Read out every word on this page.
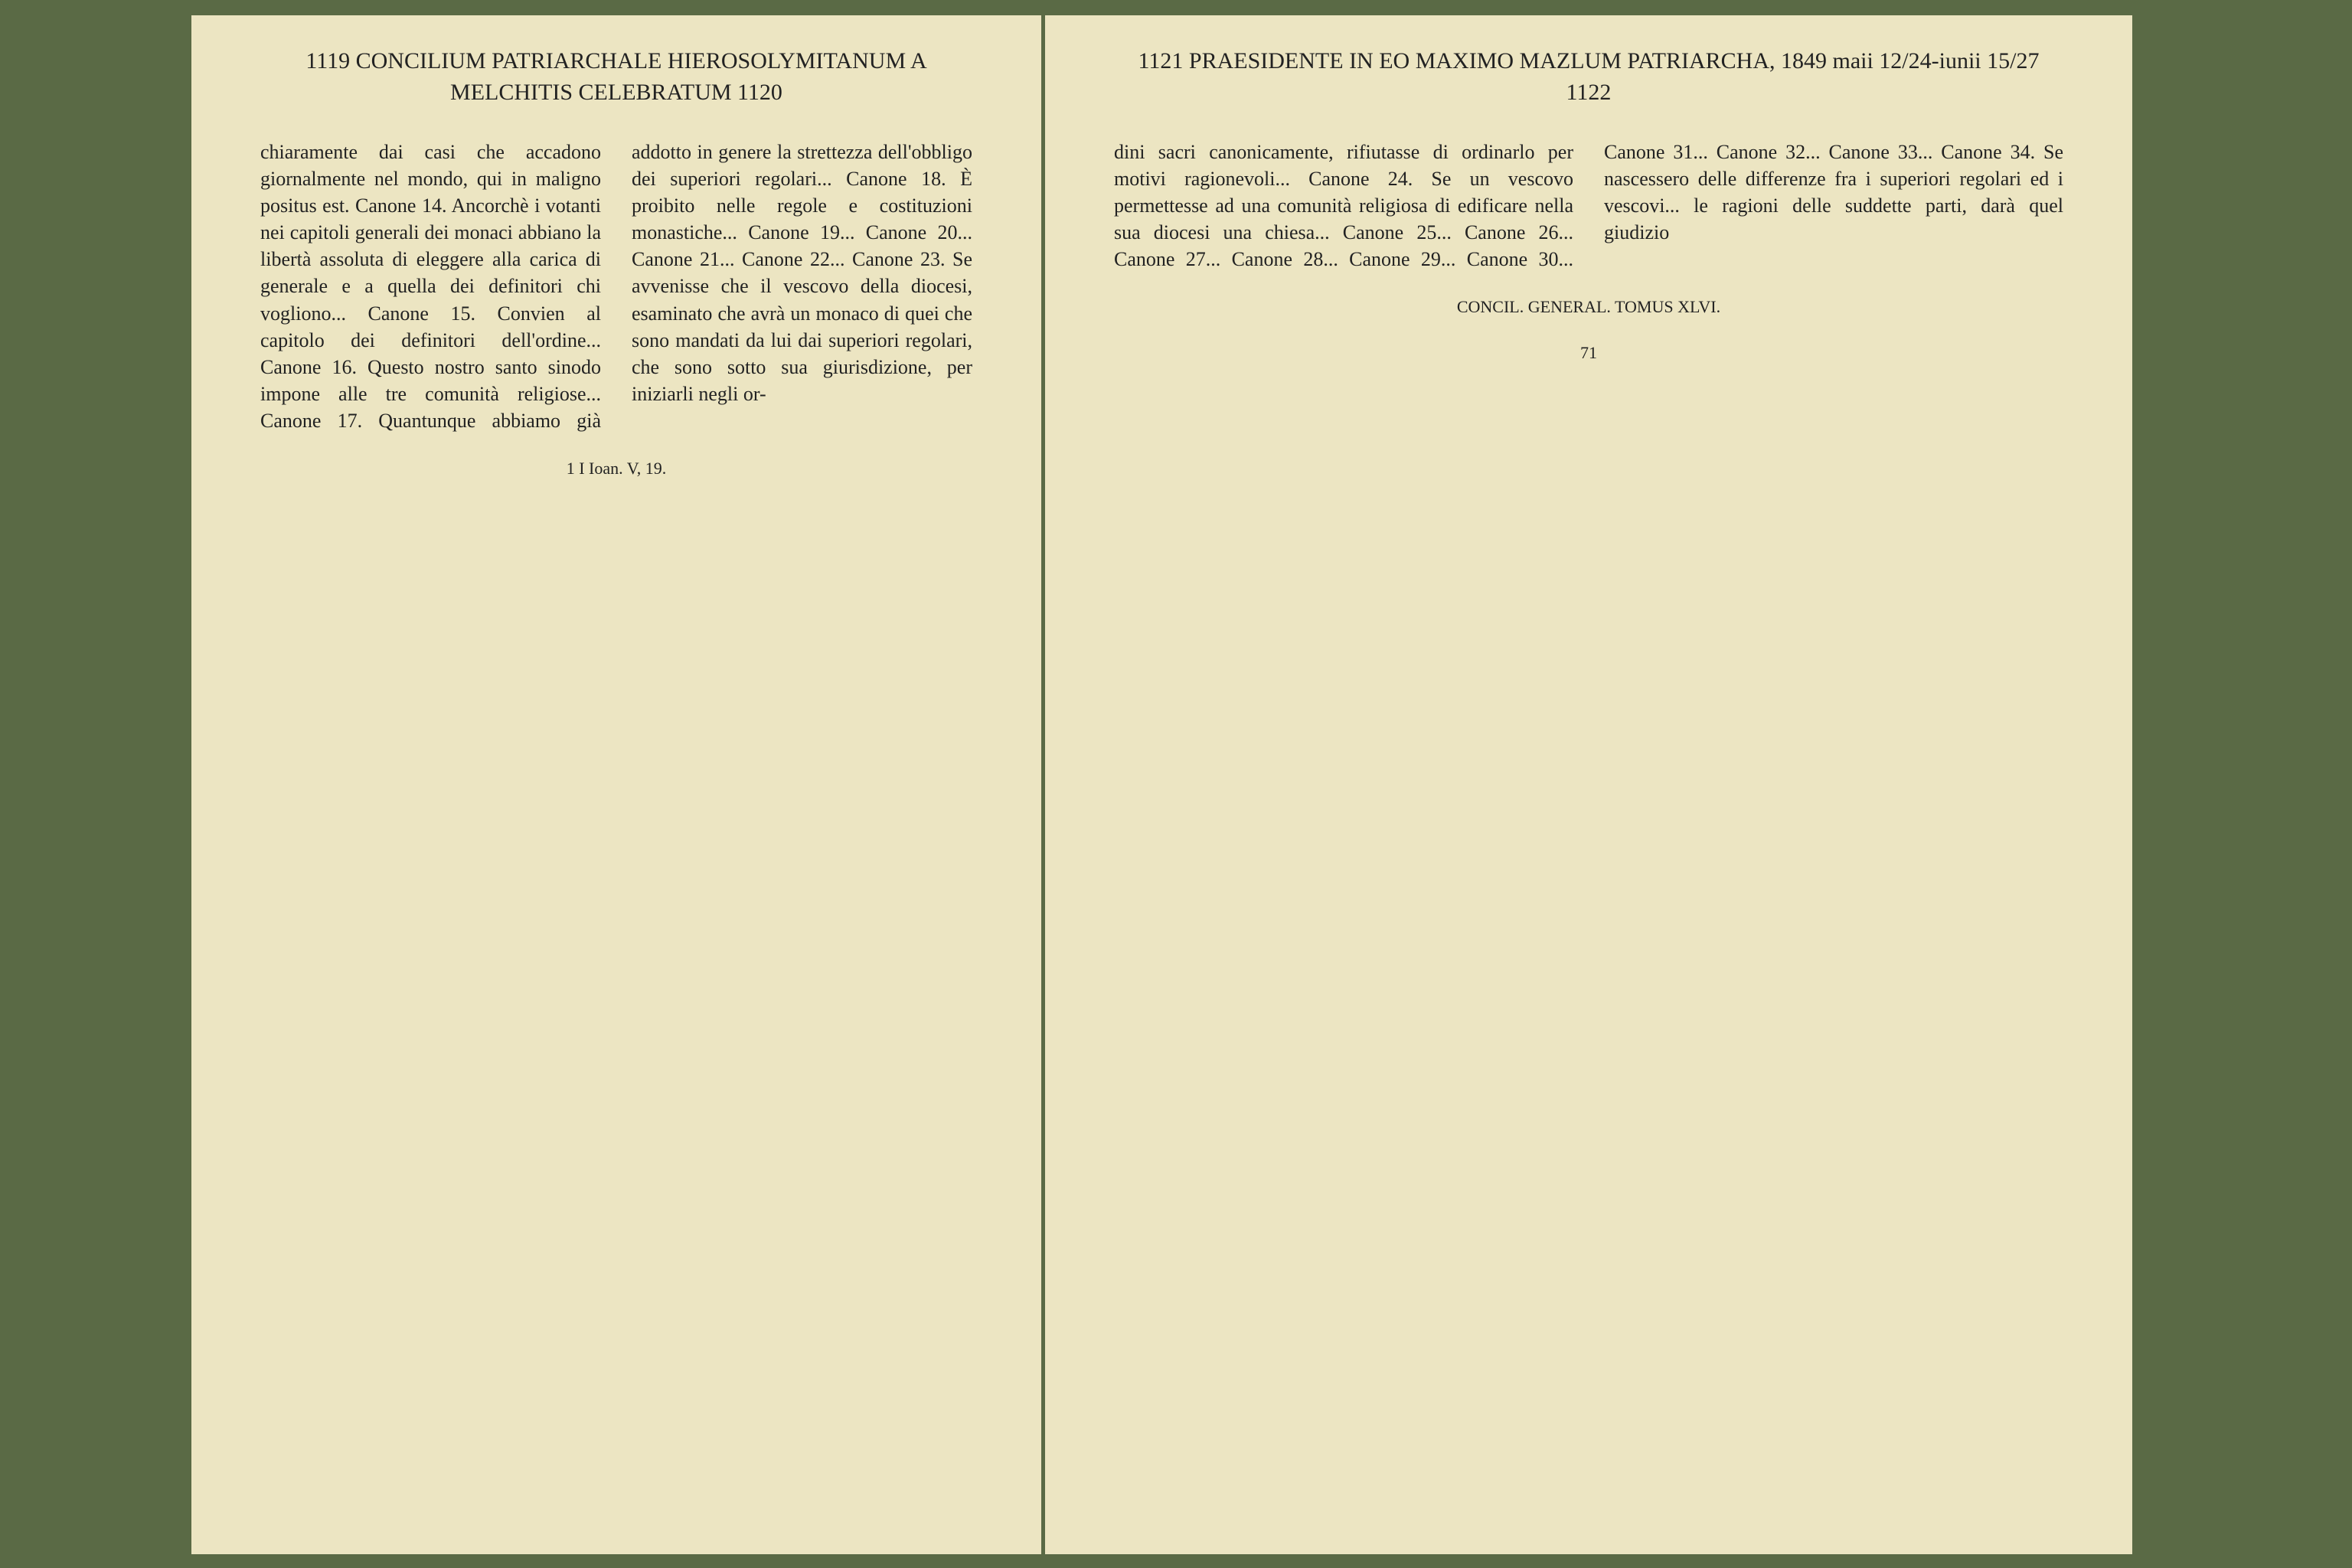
1119 CONCILIUM PATRIARCHALE HIEROSOLYMITANUM A MELCHITIS CELEBRATUM 1120
chiaramente dai casi che accadono giornalmente nel mondo, qui in maligno positus est. Canone 14. Ancorchè i votanti nei capitoli generali dei monaci abbiano la libertà assoluta di eleggere alla carica di generale e a quella dei definitori chi vogliono... Canone 15. Convien al capitolo dei definitori dell'ordine... Canone 16. Questo nostro santo sinodo impone alle tre comunità religiose... Canone 17. Quantunque abbiamo già addotto in genere la strettezza dell'obbligo dei superiori regolari... Canone 18. È proibito nelle regole e costituzioni monastiche... Canone 19... Canone 20... Canone 21... Canone 22... Canone 23. Se avvenisse che il vescovo della diocesi, esaminato che avrà un monaco di quei che sono mandati da lui dai superiori regolari, che sono sotto sua giurisdizione, per iniziarli negli or-
1 I Ioan. V, 19.
1121 PRAESIDENTE IN EO MAXIMO MAZLUM PATRIARCHA, 1849 maii 12/24-iunii 15/27 1122
dini sacri canonicamente, rifiutasse di ordinarlo per motivi ragionevoli... Canone 24. Se un vescovo permettesse ad una comunità religiosa di edificare nella sua diocesi una chiesa... Canone 25... Canone 26... Canone 27... Canone 28... Canone 29... Canone 30... Canone 31... Canone 32... Canone 33... Canone 34. Se nascessero delle differenze fra i superiori regolari ed i vescovi... le ragioni delle suddette parti, darà quel giudizio
CONCIL. GENERAL. TOMUS XLVI.
71
